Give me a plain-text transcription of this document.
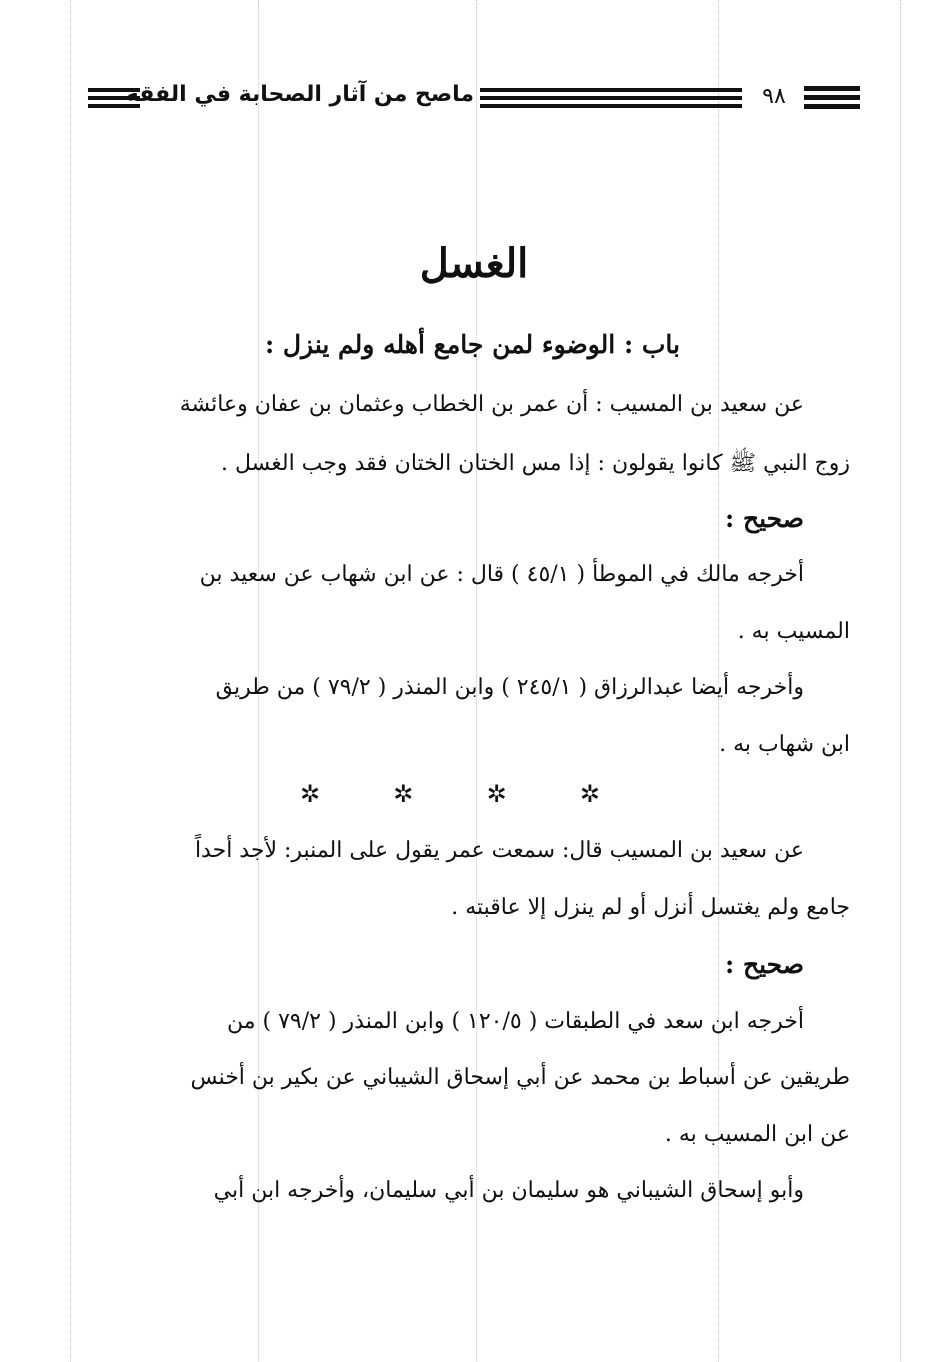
ماصح من آثار الصحابة في الفقه	٩٨
الغسل
باب : الوضوء لمن جامع أهله ولم ينزل :
عن سعيد بن المسيب : أن عمر بن الخطاب وعثمان بن عفان وعائشة
زوج النبي ﷺ كانوا يقولون : إذا مس الختان الختان فقد وجب الغسل .
صحيح :
أخرجه مالك في الموطأ ( ٤٥/١ ) قال : عن ابن شهاب عن سعيد بن
المسيب به .
وأخرجه أيضا عبدالرزاق ( ٢٤٥/١ ) وابن المنذر ( ٧٩/٢ ) من طريق
ابن شهاب به .
✲	✲	✲	✲
عن سعيد بن المسيب قال: سمعت عمر يقول على المنبر: لأجد أحداً
جامع ولم يغتسل أنزل أو لم ينزل إلا عاقبته .
صحيح :
أخرجه ابن سعد في الطبقات ( ١٢٠/٥ ) وابن المنذر ( ٧٩/٢ ) من
طريقين عن أسباط بن محمد عن أبي إسحاق الشيباني عن بكير بن أخنس
عن ابن المسيب به .
وأبو إسحاق الشيباني هو سليمان بن أبي سليمان، وأخرجه ابن أبي
